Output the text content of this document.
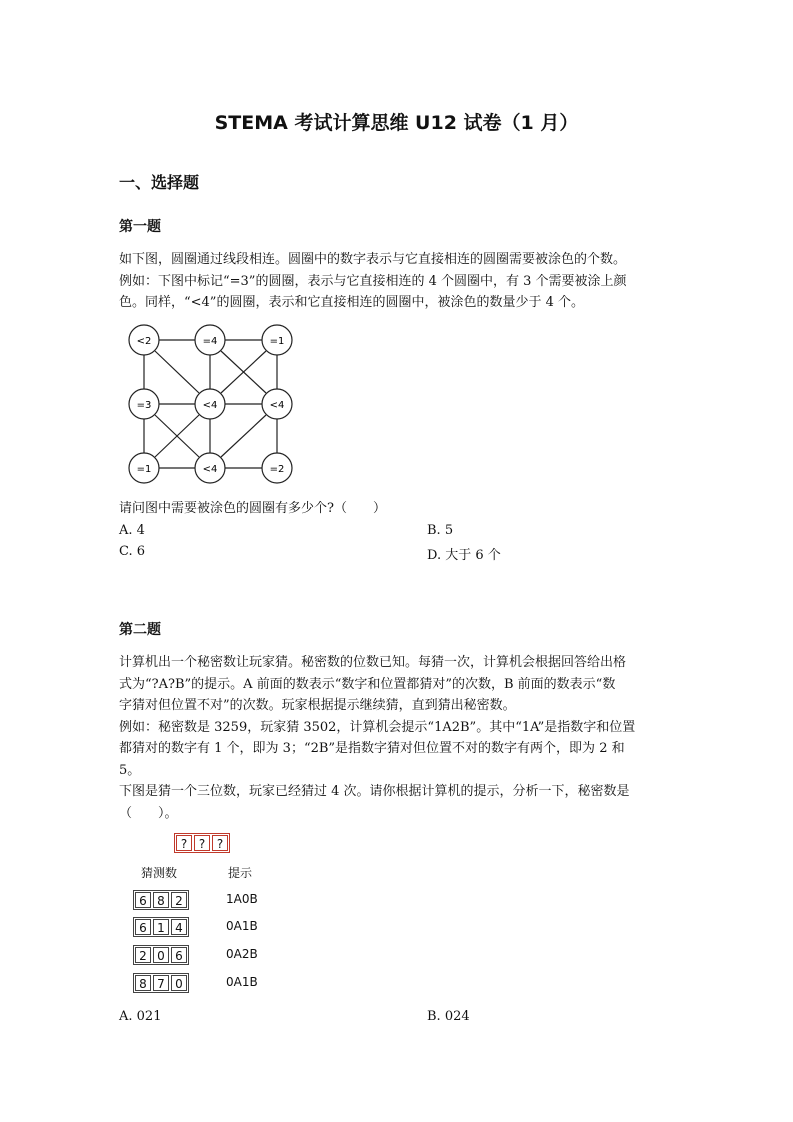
STEMA 考试计算思维 U12 试卷（1 月）
一、选择题
第一题

如下图，圆圈通过线段相连。圆圈中的数字表示与它直接相连的圆圈需要被涂色的个数。

例如：下图中标记“=3”的圆圈，表示与它直接相连的 4 个圆圈中，有 3 个需要被涂上颜

色。同样，“<4”的圆圈，表示和它直接相连的圆圈中，被涂色的数量少于 4 个。

<2	=4	=1
=3	<4	<4
=1	<4	=2
请问图中需要被涂色的圆圈有多少个?（　　）
A. 4	B. 5
C. 6	D. 大于 6 个
第二题

计算机出一个秘密数让玩家猜。秘密数的位数已知。每猜一次，计算机会根据回答给出格

式为“?A?B”的提示。A 前面的数表示“数字和位置都猜对”的次数，B 前面的数表示“数

字猜对但位置不对”的次数。玩家根据提示继续猜，直到猜出秘密数。

例如：秘密数是 3259，玩家猜 3502，计算机会提示“1A2B”。其中“1A”是指数字和位置

都猜对的数字有 1 个，即为 3；“2B”是指数字猜对但位置不对的数字有两个，即为 2 和

5。

下图是猜一个三位数，玩家已经猜过 4 次。请你根据计算机的提示，分析一下，秘密数是

（　　）。

? ? ?
猜测数	提示
6 8 2	1A0B
6 1 4	0A1B
2 0 6	0A2B
8 7 0	0A1B
A. 021	B. 024
